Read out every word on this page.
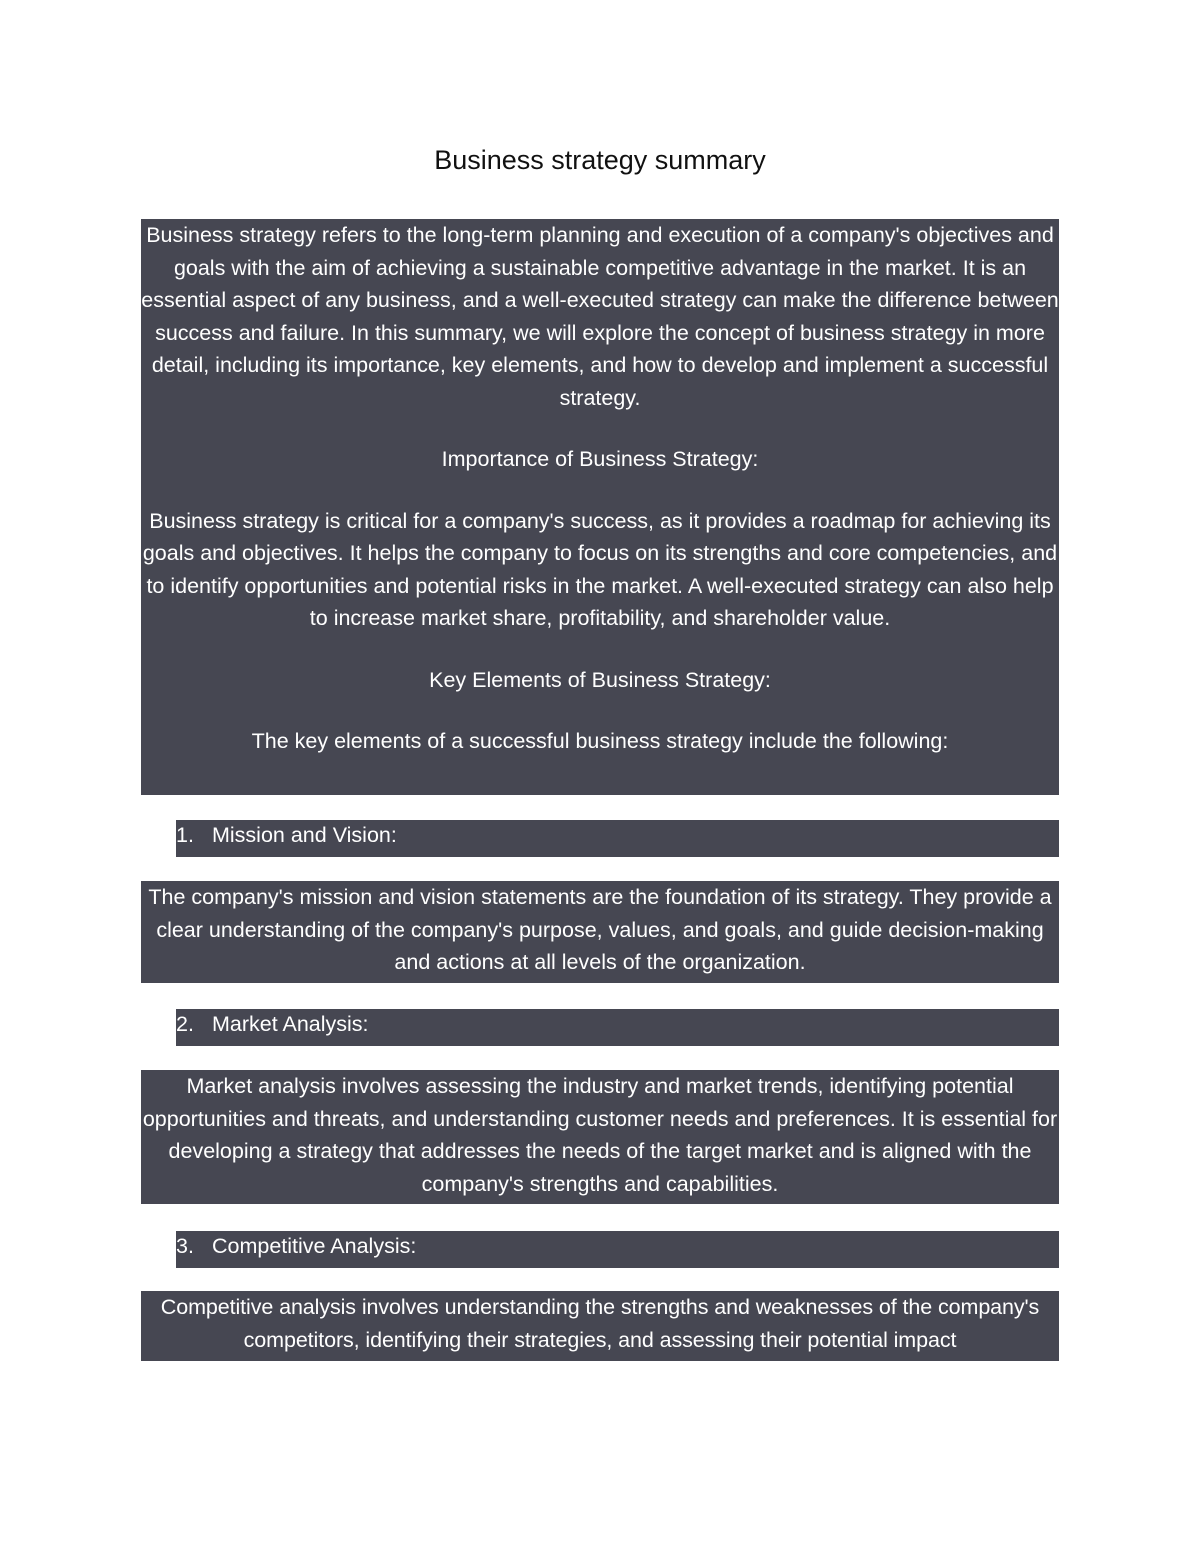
Business strategy summary

Business strategy refers to the long-term planning and execution of a company's objectives and goals with the aim of achieving a sustainable competitive advantage in the market. It is an essential aspect of any business, and a well-executed strategy can make the difference between success and failure. In this summary, we will explore the concept of business strategy in more detail, including its importance, key elements, and how to develop and implement a successful strategy.

Importance of Business Strategy:

Business strategy is critical for a company's success, as it provides a roadmap for achieving its goals and objectives. It helps the company to focus on its strengths and core competencies, and to identify opportunities and potential risks in the market. A well-executed strategy can also help to increase market share, profitability, and shareholder value.

Key Elements of Business Strategy:

The key elements of a successful business strategy include the following:

1. Mission and Vision:

The company's mission and vision statements are the foundation of its strategy. They provide a clear understanding of the company's purpose, values, and goals, and guide decision-making and actions at all levels of the organization.

2. Market Analysis:

Market analysis involves assessing the industry and market trends, identifying potential opportunities and threats, and understanding customer needs and preferences. It is essential for developing a strategy that addresses the needs of the target market and is aligned with the company's strengths and capabilities.

3. Competitive Analysis:

Competitive analysis involves understanding the strengths and weaknesses of the company's competitors, identifying their strategies, and assessing their potential impact
